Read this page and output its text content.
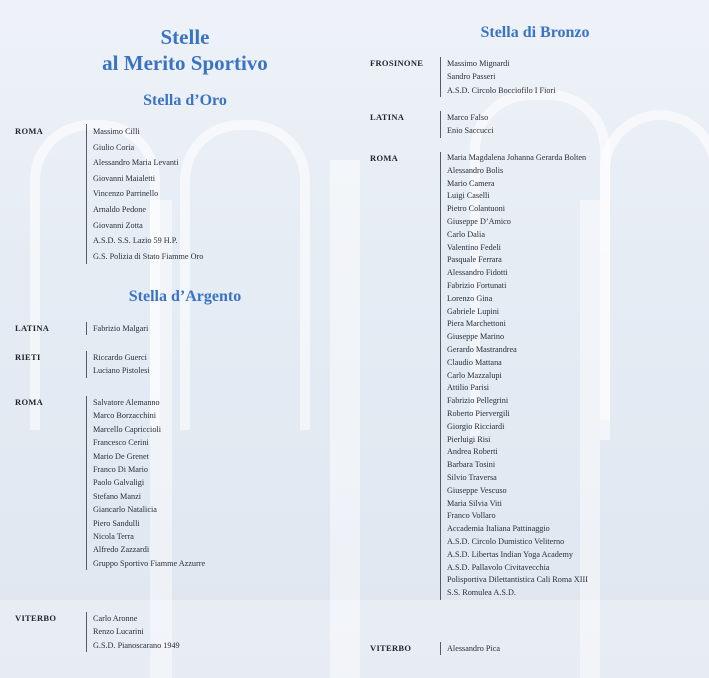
Stelle
al Merito Sportivo
Stella d’Oro
ROMA	Massimo Cilli
Giulio Coria
Alessandro Maria Levanti
Giovanni Maialetti
Vincenzo Parrinello
Arnaldo Pedone
Giovanni Zotta
A.S.D. S.S. Lazio 59 H.P.
G.S. Polizia di Stato Fiamme Oro
Stella d’Argento
LATINA	Fabrizio Malgari
RIETI	Riccardo Guerci
Luciano Pistolesi
ROMA	Salvatore Alemanno
Marco Borzacchini
Marcello Capriccioli
Francesco Cerini
Mario De Grenet
Franco Di Mario
Paolo Galvaligi
Stefano Manzi
Giancarlo Natalicia
Piero Sandulli
Nicola Terra
Alfredo Zazzardi
Gruppo Sportivo Fiamme Azzurre
VITERBO	Carlo Aronne
Renzo Lucarini
G.S.D. Pianoscarano 1949
Stella di Bronzo
FROSINONE	Massimo Mignardi
Sandro Passeri
A.S.D. Circolo Bocciofilo I Fiori
LATINA	Marco Falso
Enio Saccucci
ROMA	Maria Magdalena Johanna Gerarda Bolten
Alessandro Bolis
Mario Camera
Luigi Caselli
Pietro Colantuoni
Giuseppe D’Amico
Carlo Dalia
Valentino Fedeli
Pasquale Ferrara
Alessandro Fidotti
Fabrizio Fortunati
Lorenzo Gina
Gabriele Lupini
Piera Marchettoni
Giuseppe Marino
Gerardo Mastrandrea
Claudio Mattana
Carlo Mazzalupi
Attilio Parisi
Fabrizio Pellegrini
Roberto Piervergili
Giorgio Ricciardi
Pierluigi Risi
Andrea Roberti
Barbara Tosini
Silvio Traversa
Giuseppe Vescuso
Maria Silvia Viti
Franco Vollaro
Accademia Italiana Pattinaggio
A.S.D. Circolo Dumistico Veliterno
A.S.D. Libertas Indian Yoga Academy
A.S.D. Pallavolo Civitavecchia
Polisportiva Dilettantistica Cali Roma XIII
S.S. Romulea A.S.D.
VITERBO	Alessandro Pica
